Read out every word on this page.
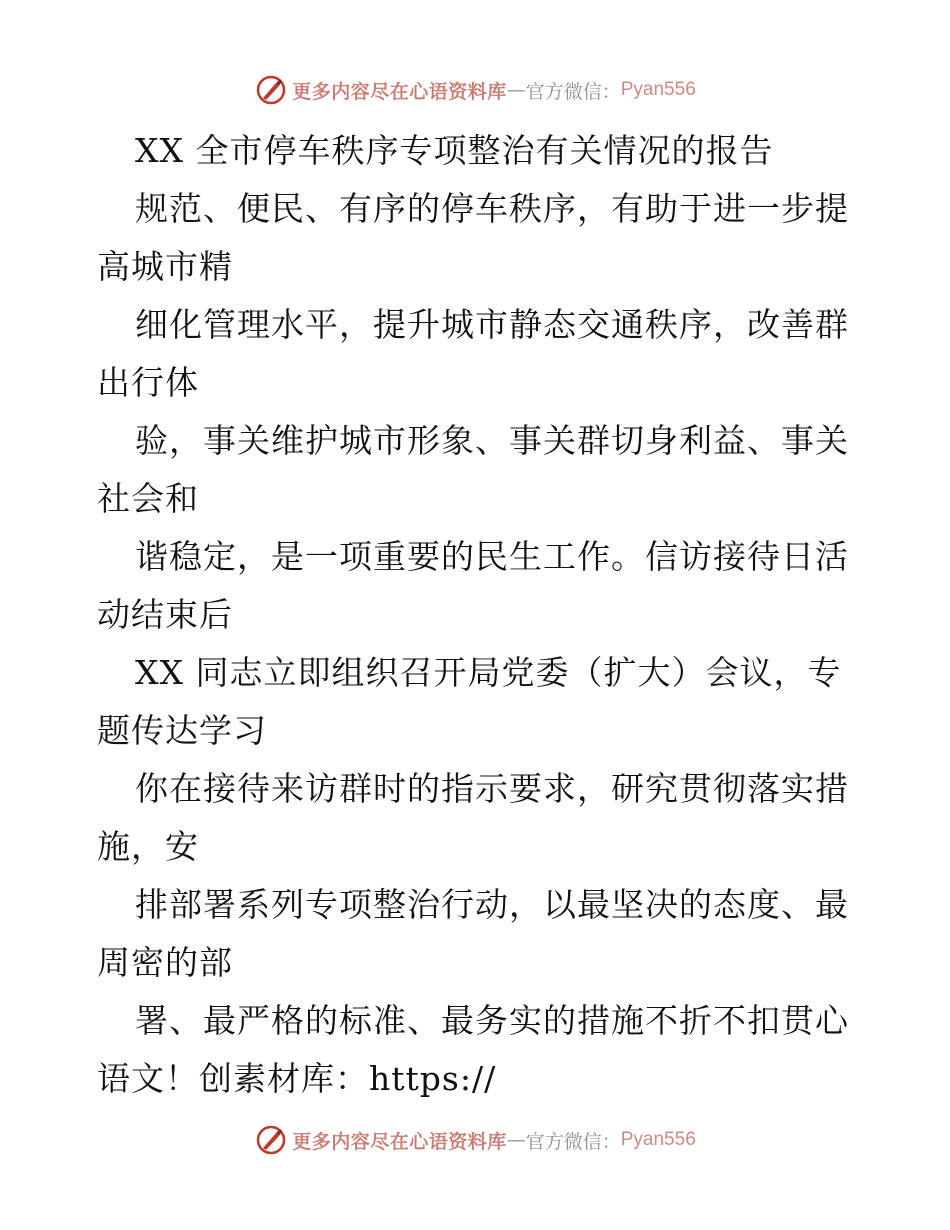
更多内容尽在心语资料库 — 官方微信： Pyan556
XX 全市停车秩序专项整治有关情况的报告
规范、便民、有序的停车秩序，有助于进一步提
高城市精
细化管理水平，提升城市静态交通秩序，改善群
出行体
验，事关维护城市形象、事关群切身利益、事关
社会和
谐稳定，是一项重要的民生工作。信访接待日活
动结束后
XX 同志立即组织召开局党委（扩大）会议，专
题传达学习
你在接待来访群时的指示要求，研究贯彻落实措
施，安
排部署系列专项整治行动，以最坚决的态度、最
周密的部
署、最严格的标准、最务实的措施不折不扣贯心
语文！创素材库：https://
更多内容尽在心语资料库 — 官方微信： Pyan556
